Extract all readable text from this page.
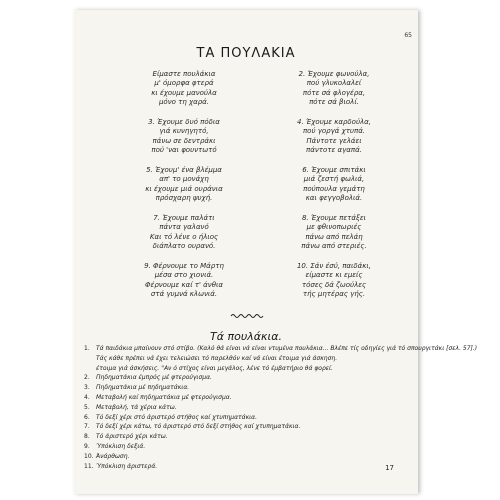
65
ΤΑ ΠΟΥΛΑΚΙΑ
Είμαστε πουλάκια
μ' όμορφα φτερά
κι έχουμε μανούλα
μόνο τη χαρά.
2. Έχουμε φωνούλα,
πού γλυκολαλεί
πότε σά φλογέρα,
πότε σά βιολί.
3. Έχουμε δυό πόδια
γιά κυνηγητό,
πάνω σε δεντράκι
πού 'ναι φουντωτό
4. Έχουμε καρδούλα,
πού γοργά χτυπά.
Πάντοτε γελάει
πάντοτε αγαπά.
5. Έχουμ' ένα βλέμμα
απ' το μονάχη
κι έχουμε μιά ουράνια
πρόσχαρη ψυχή.
6. Έχουμε σπιτάκι
μιά ζεστή φωλιά,
πούπουλα γεμάτη
και φεγγοβολιά.
7. Έχουμε παλάτι
πάντα γαλανό
Και τό λένε ο ήλιος
διάπλατο ουρανό.
8. Έχουμε πετάξει
με φθινοπωριές
πάνω από πελάη
πάνω από στεριές.
9. Φέρνουμε το Μάρτη
μέσα στο χιονιά.
Φέρνουμε καί τ' άνθια
στά γυμνά κλωνιά.
10. Σάν έσύ, παιδάκι,
είμαστε κι εμείς
τόσες δά ζωούλες
τής μητέρας γής.
Τά πουλάκια.
1.	Τά παιδάκια μπαίνουν στό στίβο. (Καλό θά είναι νά είναι ντυμένα πουλάκια... Βλέπε τίς οδηγίες γιά τό σπουργιτάκι [σελ. 57].)
Τάς κάθε πρέπει νά έχει τελειώσει τό παρελθόν καί νά είναι έτοιμα γιά άσκηση.
έτοιμα γιά άσκήσεις. "Αν ό στίχος είναι μεγάλος, λένε τό έμβατήριο θά φορεί.
2.	Πηδηματάκια έμπρός μέ φτερούγισμα.
3.	Πηδηματάκια μέ πηδηματάκια.
4.	Μεταβολή καί πηδηματάκια μέ φτερούγισμα.
5.	Μεταβολή, τά χέρια κάτω.
6.	Τό δεξί χέρι στό άριστερό στήθος καί χτυπηματάκια.
7.	Τό δεξί χέρι κάτω, τό άριστερό στό δεξί στήθος καί χτυπηματάκια.
8.	Τό άριστερό χέρι κάτω.
9.	Ύπόκλιση δεξιά.
10. Άνάρθωση.
11. Ύπόκλιση άριστερά.	17
